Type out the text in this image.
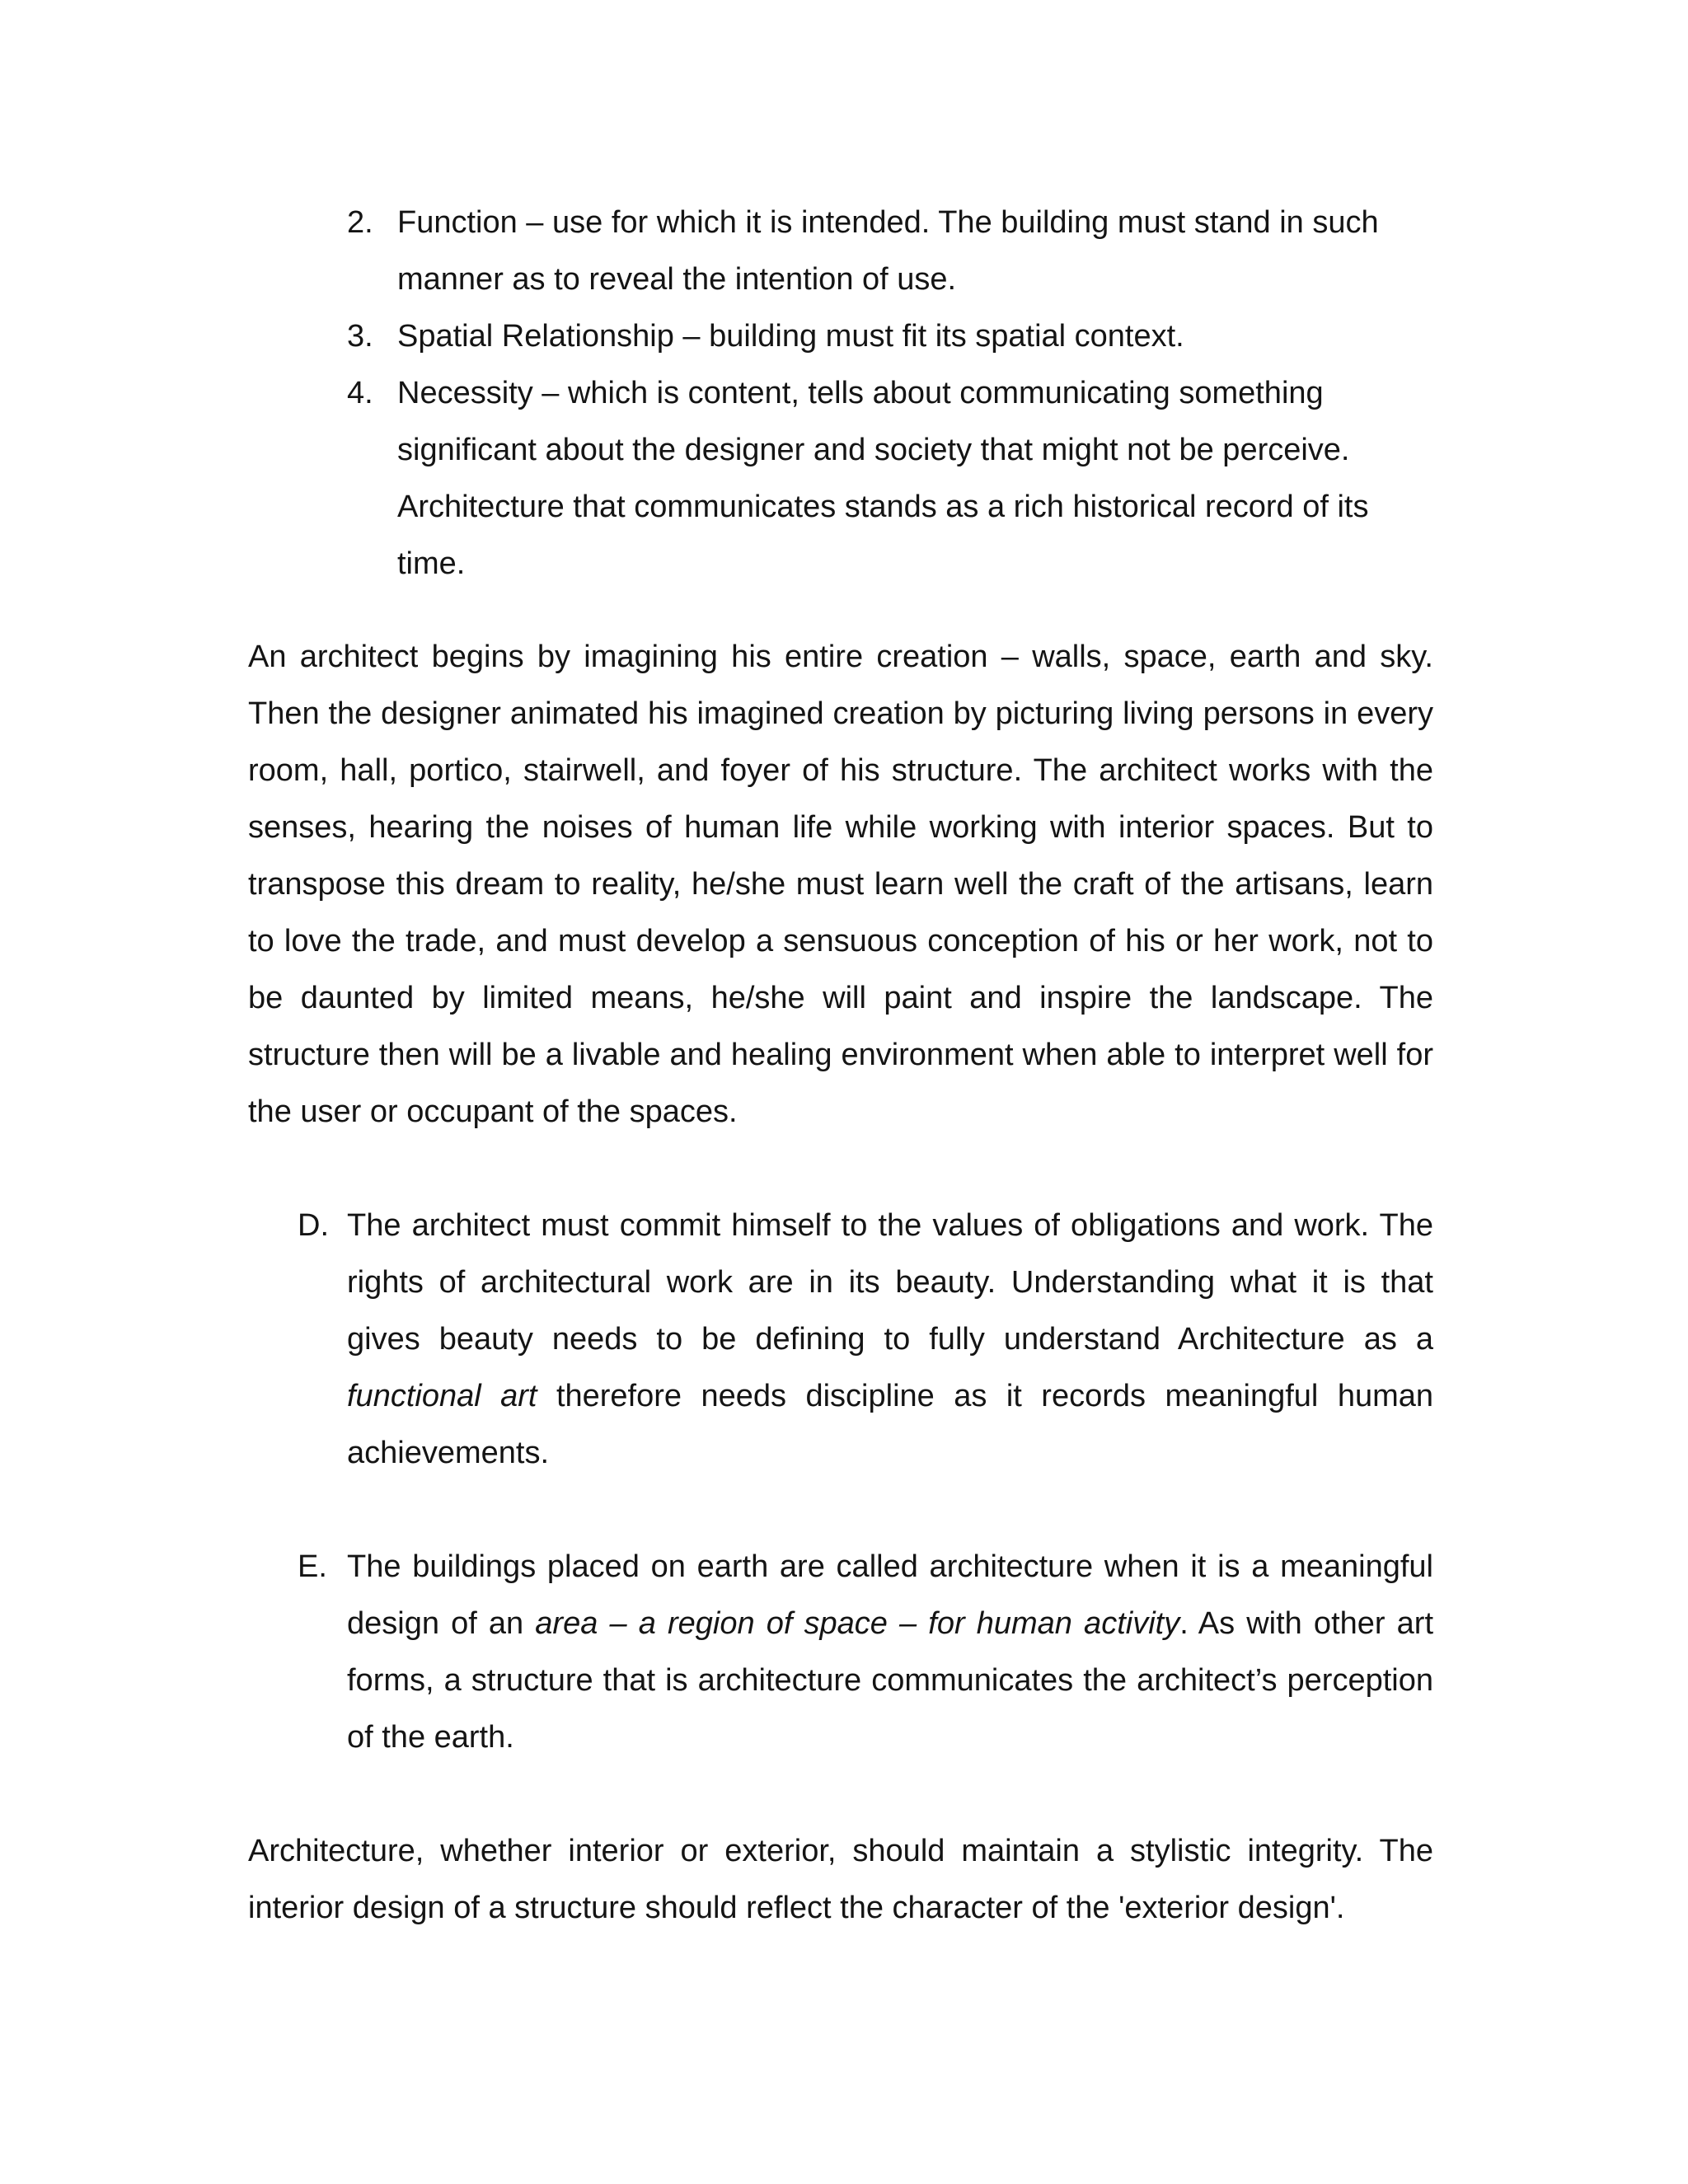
2. Function – use for which it is intended. The building must stand in such manner as to reveal the intention of use.
3. Spatial Relationship – building must fit its spatial context.
4. Necessity – which is content, tells about communicating something significant about the designer and society that might not be perceive. Architecture that communicates stands as a rich historical record of its time.

An architect begins by imagining his entire creation – walls, space, earth and sky. Then the designer animated his imagined creation by picturing living persons in every room, hall, portico, stairwell, and foyer of his structure. The architect works with the senses, hearing the noises of human life while working with interior spaces. But to transpose this dream to reality, he/she must learn well the craft of the artisans, learn to love the trade, and must develop a sensuous conception of his or her work, not to be daunted by limited means, he/she will paint and inspire the landscape. The structure then will be a livable and healing environment when able to interpret well for the user or occupant of the spaces.

D. The architect must commit himself to the values of obligations and work. The rights of architectural work are in its beauty. Understanding what it is that gives beauty needs to be defining to fully understand Architecture as a functional art therefore needs discipline as it records meaningful human achievements.
E. The buildings placed on earth are called architecture when it is a meaningful design of an area – a region of space – for human activity. As with other art forms, a structure that is architecture communicates the architect’s perception of the earth.

Architecture, whether interior or exterior, should maintain a stylistic integrity. The interior design of a structure should reflect the character of the 'exterior design'.
